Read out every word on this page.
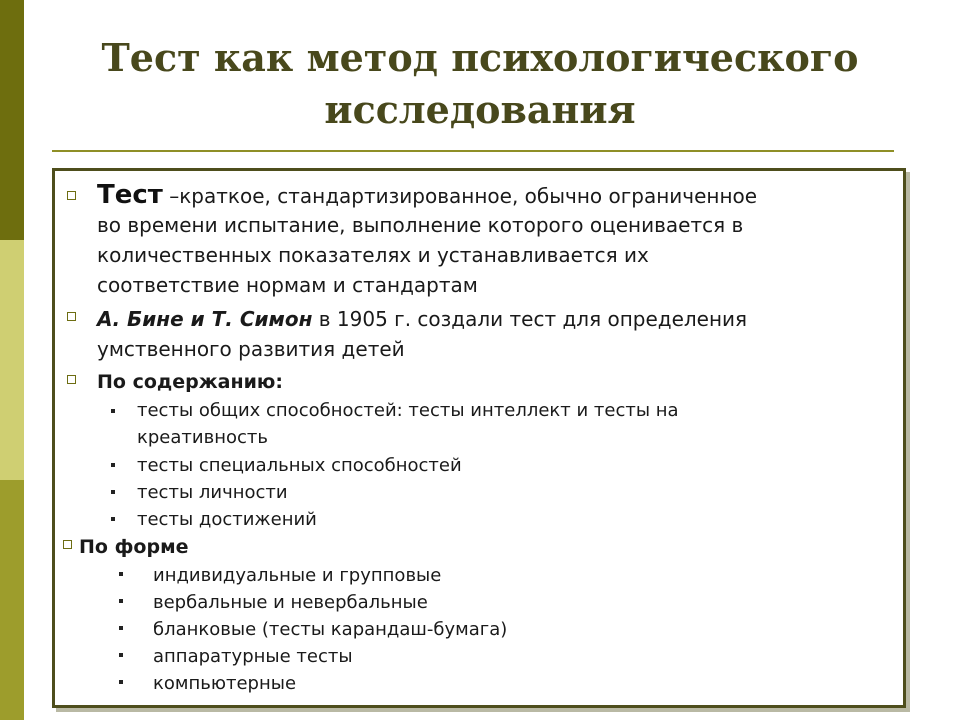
Тест как метод психологического
исследования
Тест –краткое, стандартизированное, обычно ограниченное
во времени испытание, выполнение которого оценивается в
количественных показателях и устанавливается их
соответствие нормам и стандартам
А. Бине и Т. Симон в 1905 г. создали тест для определения
умственного развития детей
По содержанию:
тесты общих способностей: тесты интеллект и тесты на
креативность
тесты специальных способностей
тесты личности
тесты достижений
По форме
индивидуальные и групповые
вербальные и невербальные
бланковые (тесты карандаш-бумага)
аппаратурные тесты
компьютерные
